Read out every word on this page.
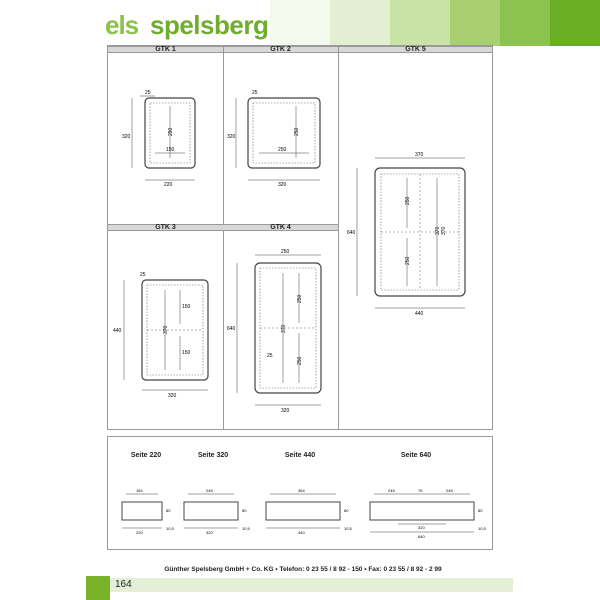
els spelsberg
GTK 1	GTK 2	GTK 5
GTK 3	GTK 4
25
290
150
320
220
25
250
250
320
320
370
250
370
250
370
640
440
25
150
370
150
440
320
250
250
370
250
25
640
320
Seite 220	Seite 320	Seite 440	Seite 640
164
220
80
10,5
245
320
80
10,5
364
440
80
10,5
245	75	245
320
640
80
10,5
Günther Spelsberg GmbH + Co. KG • Telefon: 0 23 55 / 8 92 - 150 • Fax: 0 23 55 / 8 92 - 2 99
164
